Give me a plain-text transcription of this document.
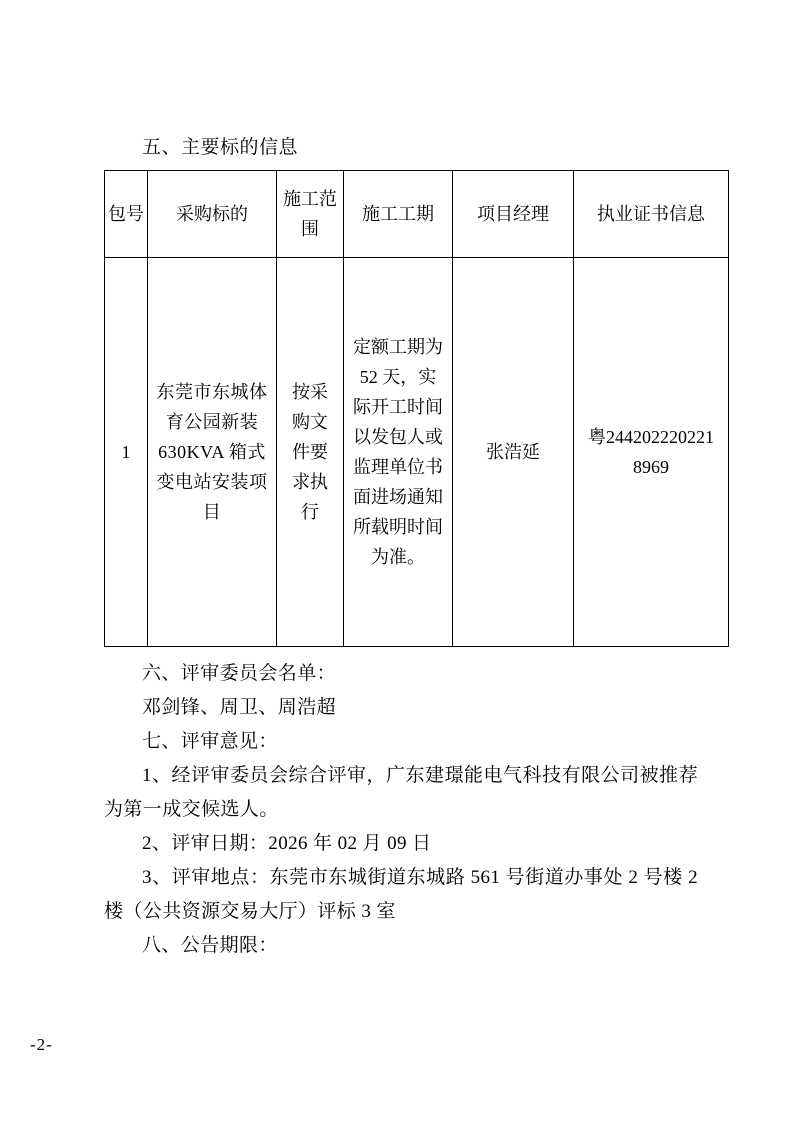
五、主要标的信息
包号	采购标的	施工范围	施工工期	项目经理	执业证书信息
1	东莞市东城体育公园新装 630KVA 箱式变电站安装项目	按采购文件要求执行	定额工期为 52 天，实际开工时间以发包人或监理单位书面进场通知所载明时间为准。	张浩延	粤244202220221 8969
六、评审委员会名单：
邓剑锋、周卫、周浩超
七、评审意见：
1、经评审委员会综合评审，广东建璟能电气科技有限公司被推荐为第一成交候选人。
2、评审日期：2026 年 02 月 09 日
3、评审地点：东莞市东城街道东城路 561 号街道办事处 2 号楼 2 楼（公共资源交易大厅）评标 3 室
八、公告期限：
-2-
